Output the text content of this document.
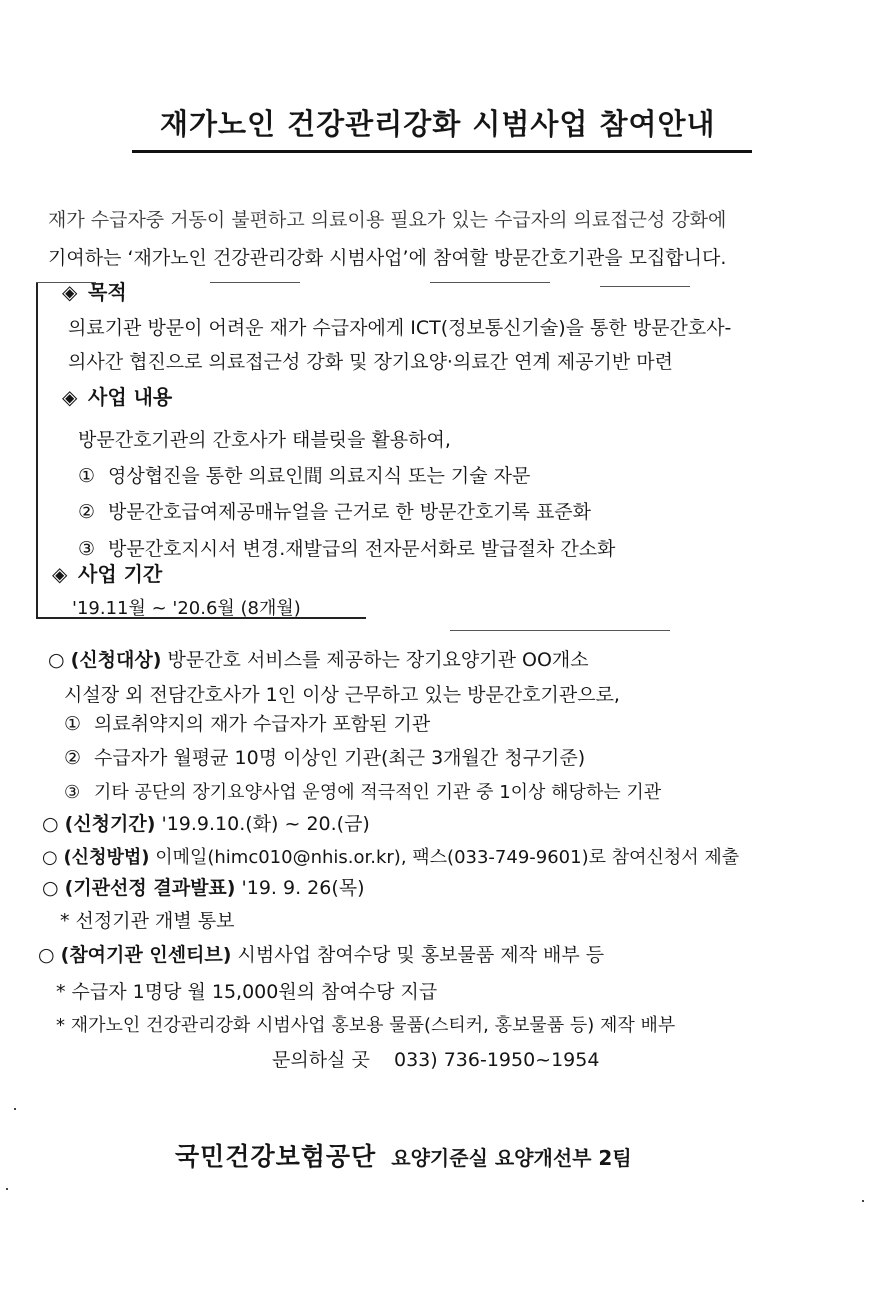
재가노인 건강관리강화 시범사업 참여안내
재가 수급자중 거동이 불편하고 의료이용 필요가 있는 수급자의 의료접근성 강화에
기여하는 ‘재가노인 건강관리강화 시범사업’에 참여할 방문간호기관을 모집합니다.
◈ 목적
의료기관 방문이 어려운 재가 수급자에게 ICT(정보통신기술)을 통한 방문간호사-
의사간 협진으로 의료접근성 강화 및 장기요양·의료간 연계 제공기반 마련
◈ 사업 내용
방문간호기관의 간호사가 태블릿을 활용하여,
① 영상협진을 통한 의료인間 의료지식 또는 기술 자문
② 방문간호급여제공매뉴얼을 근거로 한 방문간호기록 표준화
③ 방문간호지시서 변경.재발급의 전자문서화로 발급절차 간소화
◈ 사업 기간
'19.11월 ~ '20.6월 (8개월)
○ (신청대상) 방문간호 서비스를 제공하는 장기요양기관 OO개소
시설장 외 전담간호사가 1인 이상 근무하고 있는 방문간호기관으로,
① 의료취약지의 재가 수급자가 포함된 기관
② 수급자가 월평균 10명 이상인 기관(최근 3개월간 청구기준)
③ 기타 공단의 장기요양사업 운영에 적극적인 기관 중 1이상 해당하는 기관
○ (신청기간) '19.9.10.(화) ~ 20.(금)
○ (신청방법) 이메일(himc010@nhis.or.kr), 팩스(033-749-9601)로 참여신청서 제출
○ (기관선정 결과발표) '19. 9. 26(목)
* 선정기관 개별 통보
○ (참여기관 인센티브) 시범사업 참여수당 및 홍보물품 제작 배부 등
* 수급자 1명당 월 15,000원의 참여수당 지급
* 재가노인 건강관리강화 시범사업 홍보용 물품(스티커, 홍보물품 등) 제작 배부
문의하실 곳 033) 736-1950~1954
국민건강보험공단 요양기준실 요양개선부 2팀
